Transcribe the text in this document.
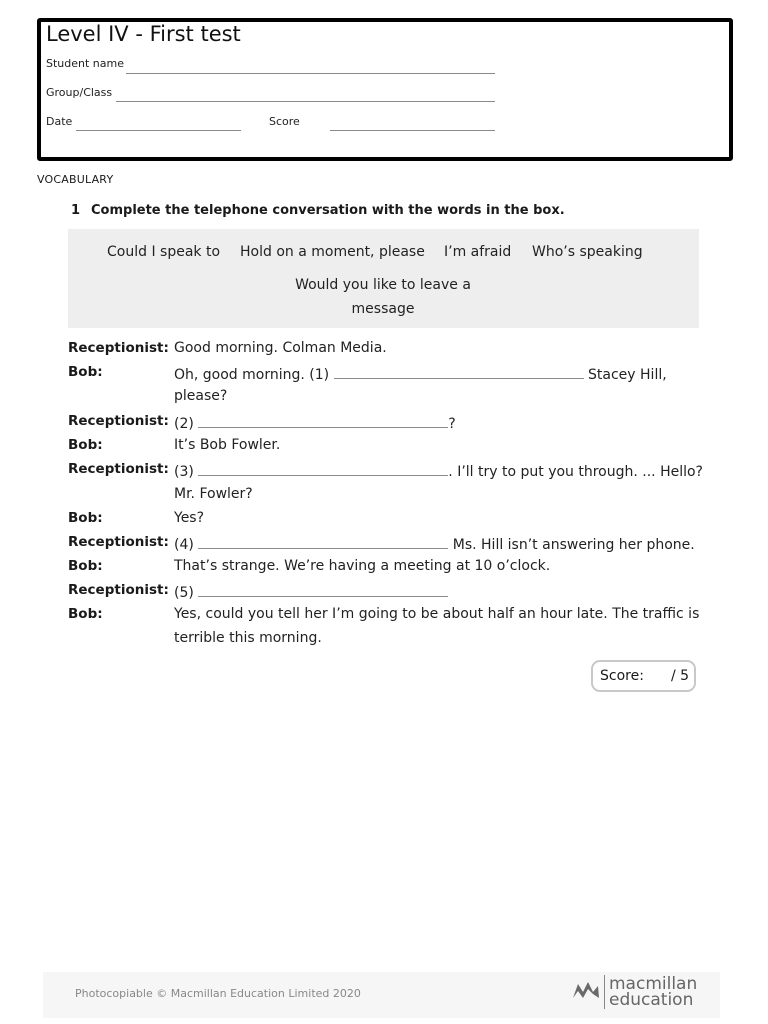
Level IV - First test
Student name
Group/Class
Date	Score
VOCABULARY
1 Complete the telephone conversation with the words in the box.
Could I speak to Hold on a moment, please I’m afraid Who’s speaking
Would you like to leave a message
Receptionist: Good morning. Colman Media.
Bob:	Oh, good morning. (1)	Stacey Hill,
please?
Receptionist: (2)	?
Bob:	It’s Bob Fowler.
Receptionist: (3)	. I’ll try to put you through. ... Hello?
Mr. Fowler?
Bob:	Yes?
Receptionist: (4)	Ms. Hill isn’t answering her phone.
Bob:	That’s strange. We’re having a meeting at 10 o’clock.
Receptionist: (5)
Bob:	Yes, could you tell her I’m going to be about half an hour late. The traffic is
terrible this morning.
Score: / 5
Photocopiable © Macmillan Education Limited 2020	macmillan
education
